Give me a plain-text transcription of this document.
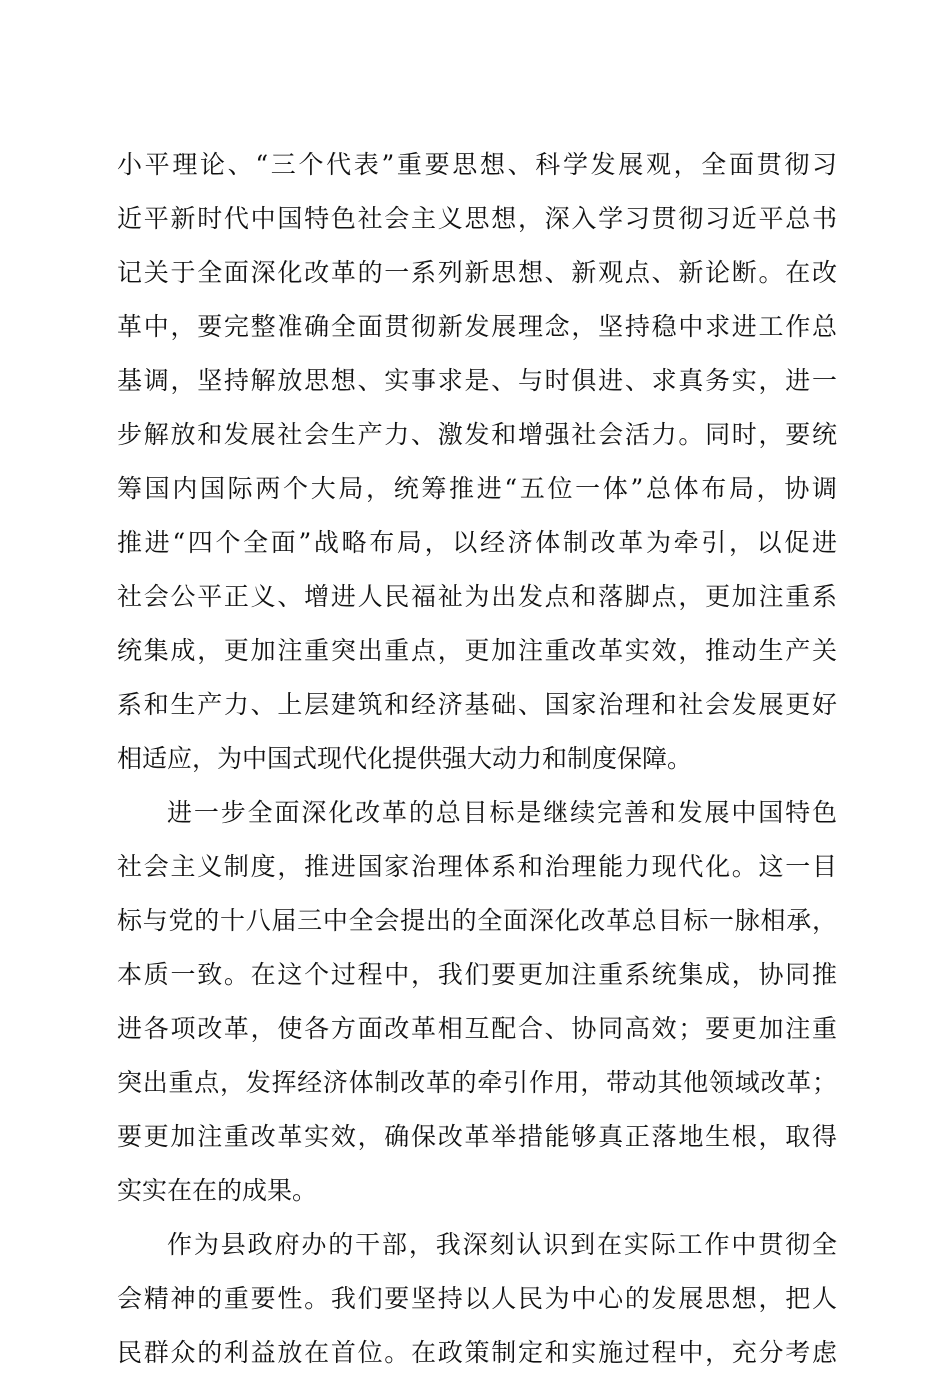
小平理论、“三个代表”重要思想、科学发展观，全面贯彻习
近平新时代中国特色社会主义思想，深入学习贯彻习近平总书
记关于全面深化改革的一系列新思想、新观点、新论断。在改
革中，要完整准确全面贯彻新发展理念，坚持稳中求进工作总
基调，坚持解放思想、实事求是、与时俱进、求真务实，进一
步解放和发展社会生产力、激发和增强社会活力。同时，要统
筹国内国际两个大局，统筹推进“五位一体”总体布局，协调
推进“四个全面”战略布局，以经济体制改革为牵引，以促进
社会公平正义、增进人民福祉为出发点和落脚点，更加注重系
统集成，更加注重突出重点，更加注重改革实效，推动生产关
系和生产力、上层建筑和经济基础、国家治理和社会发展更好
相适应，为中国式现代化提供强大动力和制度保障。
进一步全面深化改革的总目标是继续完善和发展中国特色
社会主义制度，推进国家治理体系和治理能力现代化。这一目
标与党的十八届三中全会提出的全面深化改革总目标一脉相承，
本质一致。在这个过程中，我们要更加注重系统集成，协同推
进各项改革，使各方面改革相互配合、协同高效；要更加注重
突出重点，发挥经济体制改革的牵引作用，带动其他领域改革；
要更加注重改革实效，确保改革举措能够真正落地生根，取得
实实在在的成果。
作为县政府办的干部，我深刻认识到在实际工作中贯彻全
会精神的重要性。我们要坚持以人民为中心的发展思想，把人
民群众的利益放在首位。在政策制定和实施过程中，充分考虑
